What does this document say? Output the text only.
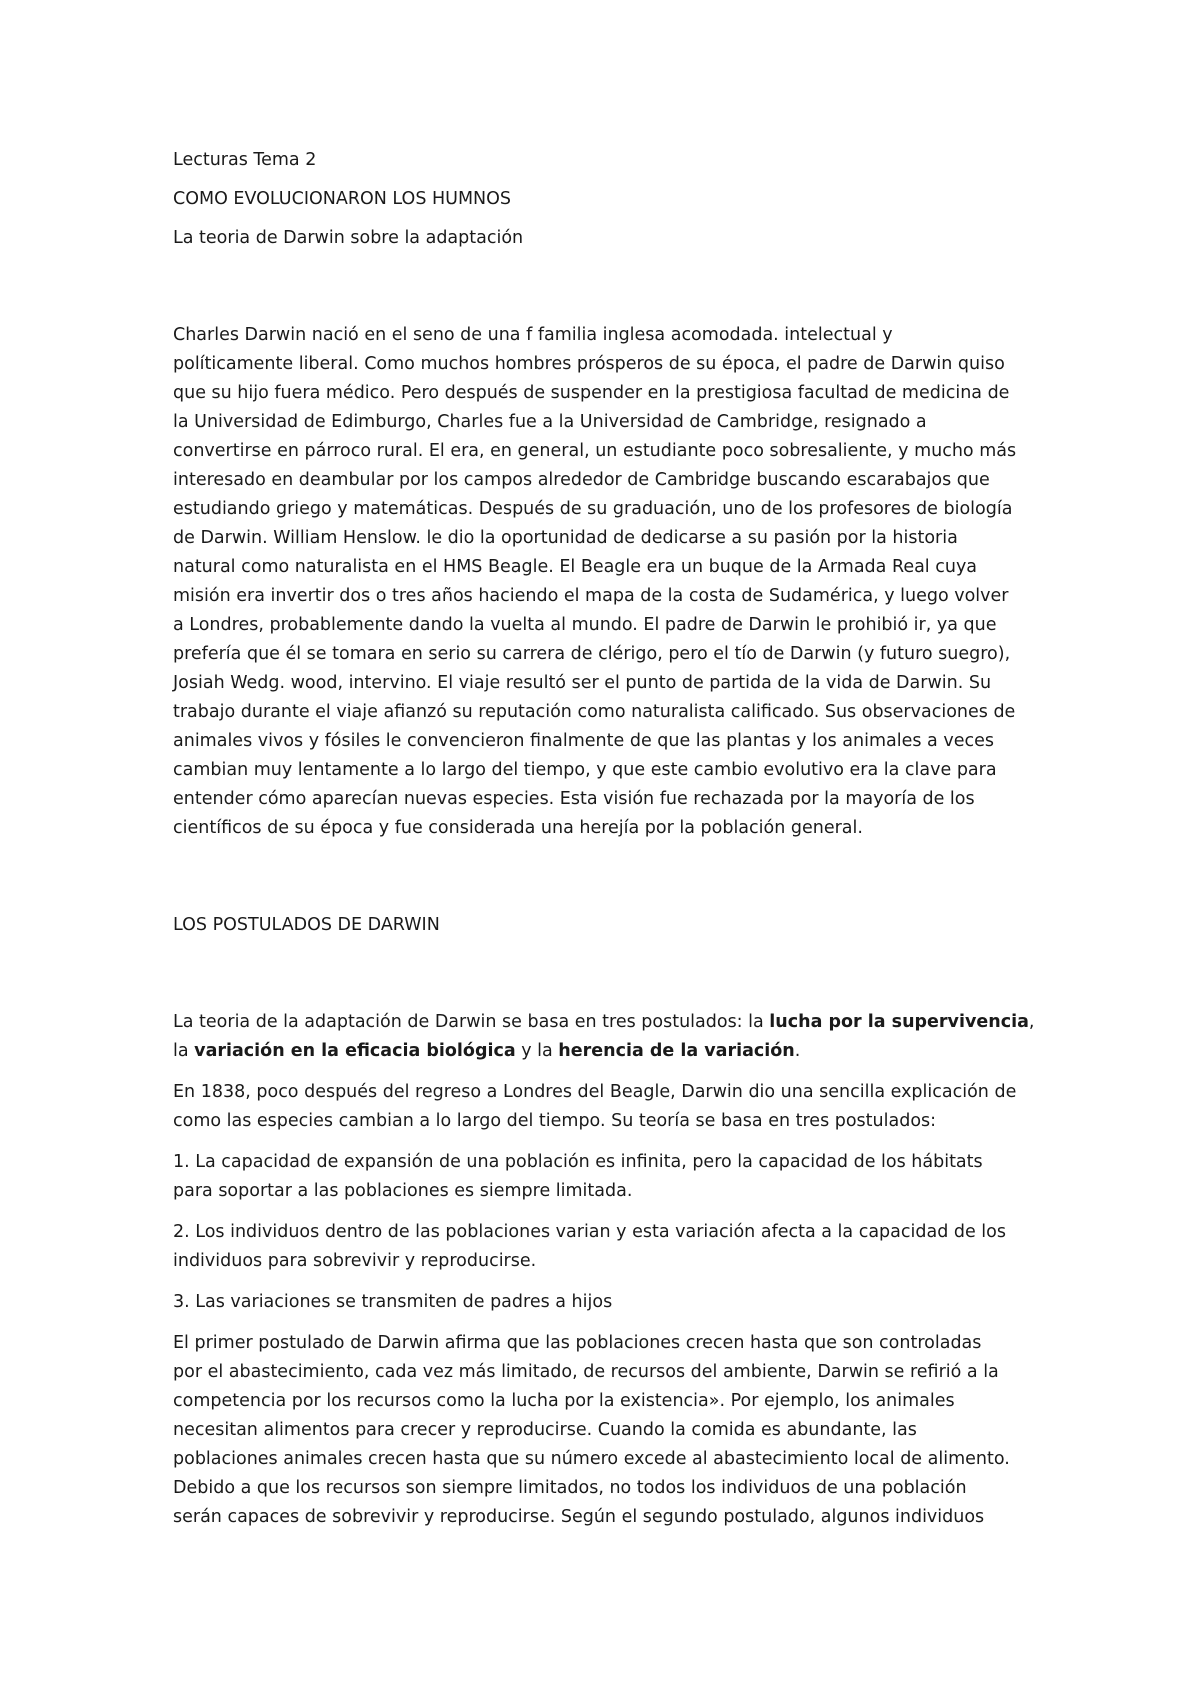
Lecturas Tema 2

COMO EVOLUCIONARON LOS HUMNOS

La teoria de Darwin sobre la adaptación

Charles Darwin nació en el seno de una f familia inglesa acomodada. intelectual y

políticamente liberal. Como muchos hombres prósperos de su época, el padre de Darwin quiso

que su hijo fuera médico. Pero después de suspender en la prestigiosa facultad de medicina de

la Universidad de Edimburgo, Charles fue a la Universidad de Cambridge, resignado a

convertirse en párroco rural. El era, en general, un estudiante poco sobresaliente, y mucho más

interesado en deambular por los campos alrededor de Cambridge buscando escarabajos que

estudiando griego y matemáticas. Después de su graduación, uno de los profesores de biología

de Darwin. William Henslow. le dio la oportunidad de dedicarse a su pasión por la historia

natural como naturalista en el HMS Beagle. El Beagle era un buque de la Armada Real cuya

misión era invertir dos o tres años haciendo el mapa de la costa de Sudamérica, y luego volver

a Londres, probablemente dando la vuelta al mundo. El padre de Darwin le prohibió ir, ya que

prefería que él se tomara en serio su carrera de clérigo, pero el tío de Darwin (y futuro suegro),

Josiah Wedg. wood, intervino. El viaje resultó ser el punto de partida de la vida de Darwin. Su

trabajo durante el viaje afianzó su reputación como naturalista calificado. Sus observaciones de

animales vivos y fósiles le convencieron finalmente de que las plantas y los animales a veces

cambian muy lentamente a lo largo del tiempo, y que este cambio evolutivo era la clave para

entender cómo aparecían nuevas especies. Esta visión fue rechazada por la mayoría de los

científicos de su época y fue considerada una herejía por la población general.

LOS POSTULADOS DE DARWIN

La teoria de la adaptación de Darwin se basa en tres postulados: la lucha por la supervivencia,

la variación en la eficacia biológica y la herencia de la variación.

En 1838, poco después del regreso a Londres del Beagle, Darwin dio una sencilla explicación de

como las especies cambian a lo largo del tiempo. Su teoría se basa en tres postulados:

1. La capacidad de expansión de una población es infinita, pero la capacidad de los hábitats

para soportar a las poblaciones es siempre limitada.

2. Los individuos dentro de las poblaciones varian y esta variación afecta a la capacidad de los

individuos para sobrevivir y reproducirse.

3. Las variaciones se transmiten de padres a hijos

El primer postulado de Darwin afirma que las poblaciones crecen hasta que son controladas

por el abastecimiento, cada vez más limitado, de recursos del ambiente, Darwin se refirió a la

competencia por los recursos como la lucha por la existencia». Por ejemplo, los animales

necesitan alimentos para crecer y reproducirse. Cuando la comida es abundante, las

poblaciones animales crecen hasta que su número excede al abastecimiento local de alimento.

Debido a que los recursos son siempre limitados, no todos los individuos de una población

serán capaces de sobrevivir y reproducirse. Según el segundo postulado, algunos individuos
